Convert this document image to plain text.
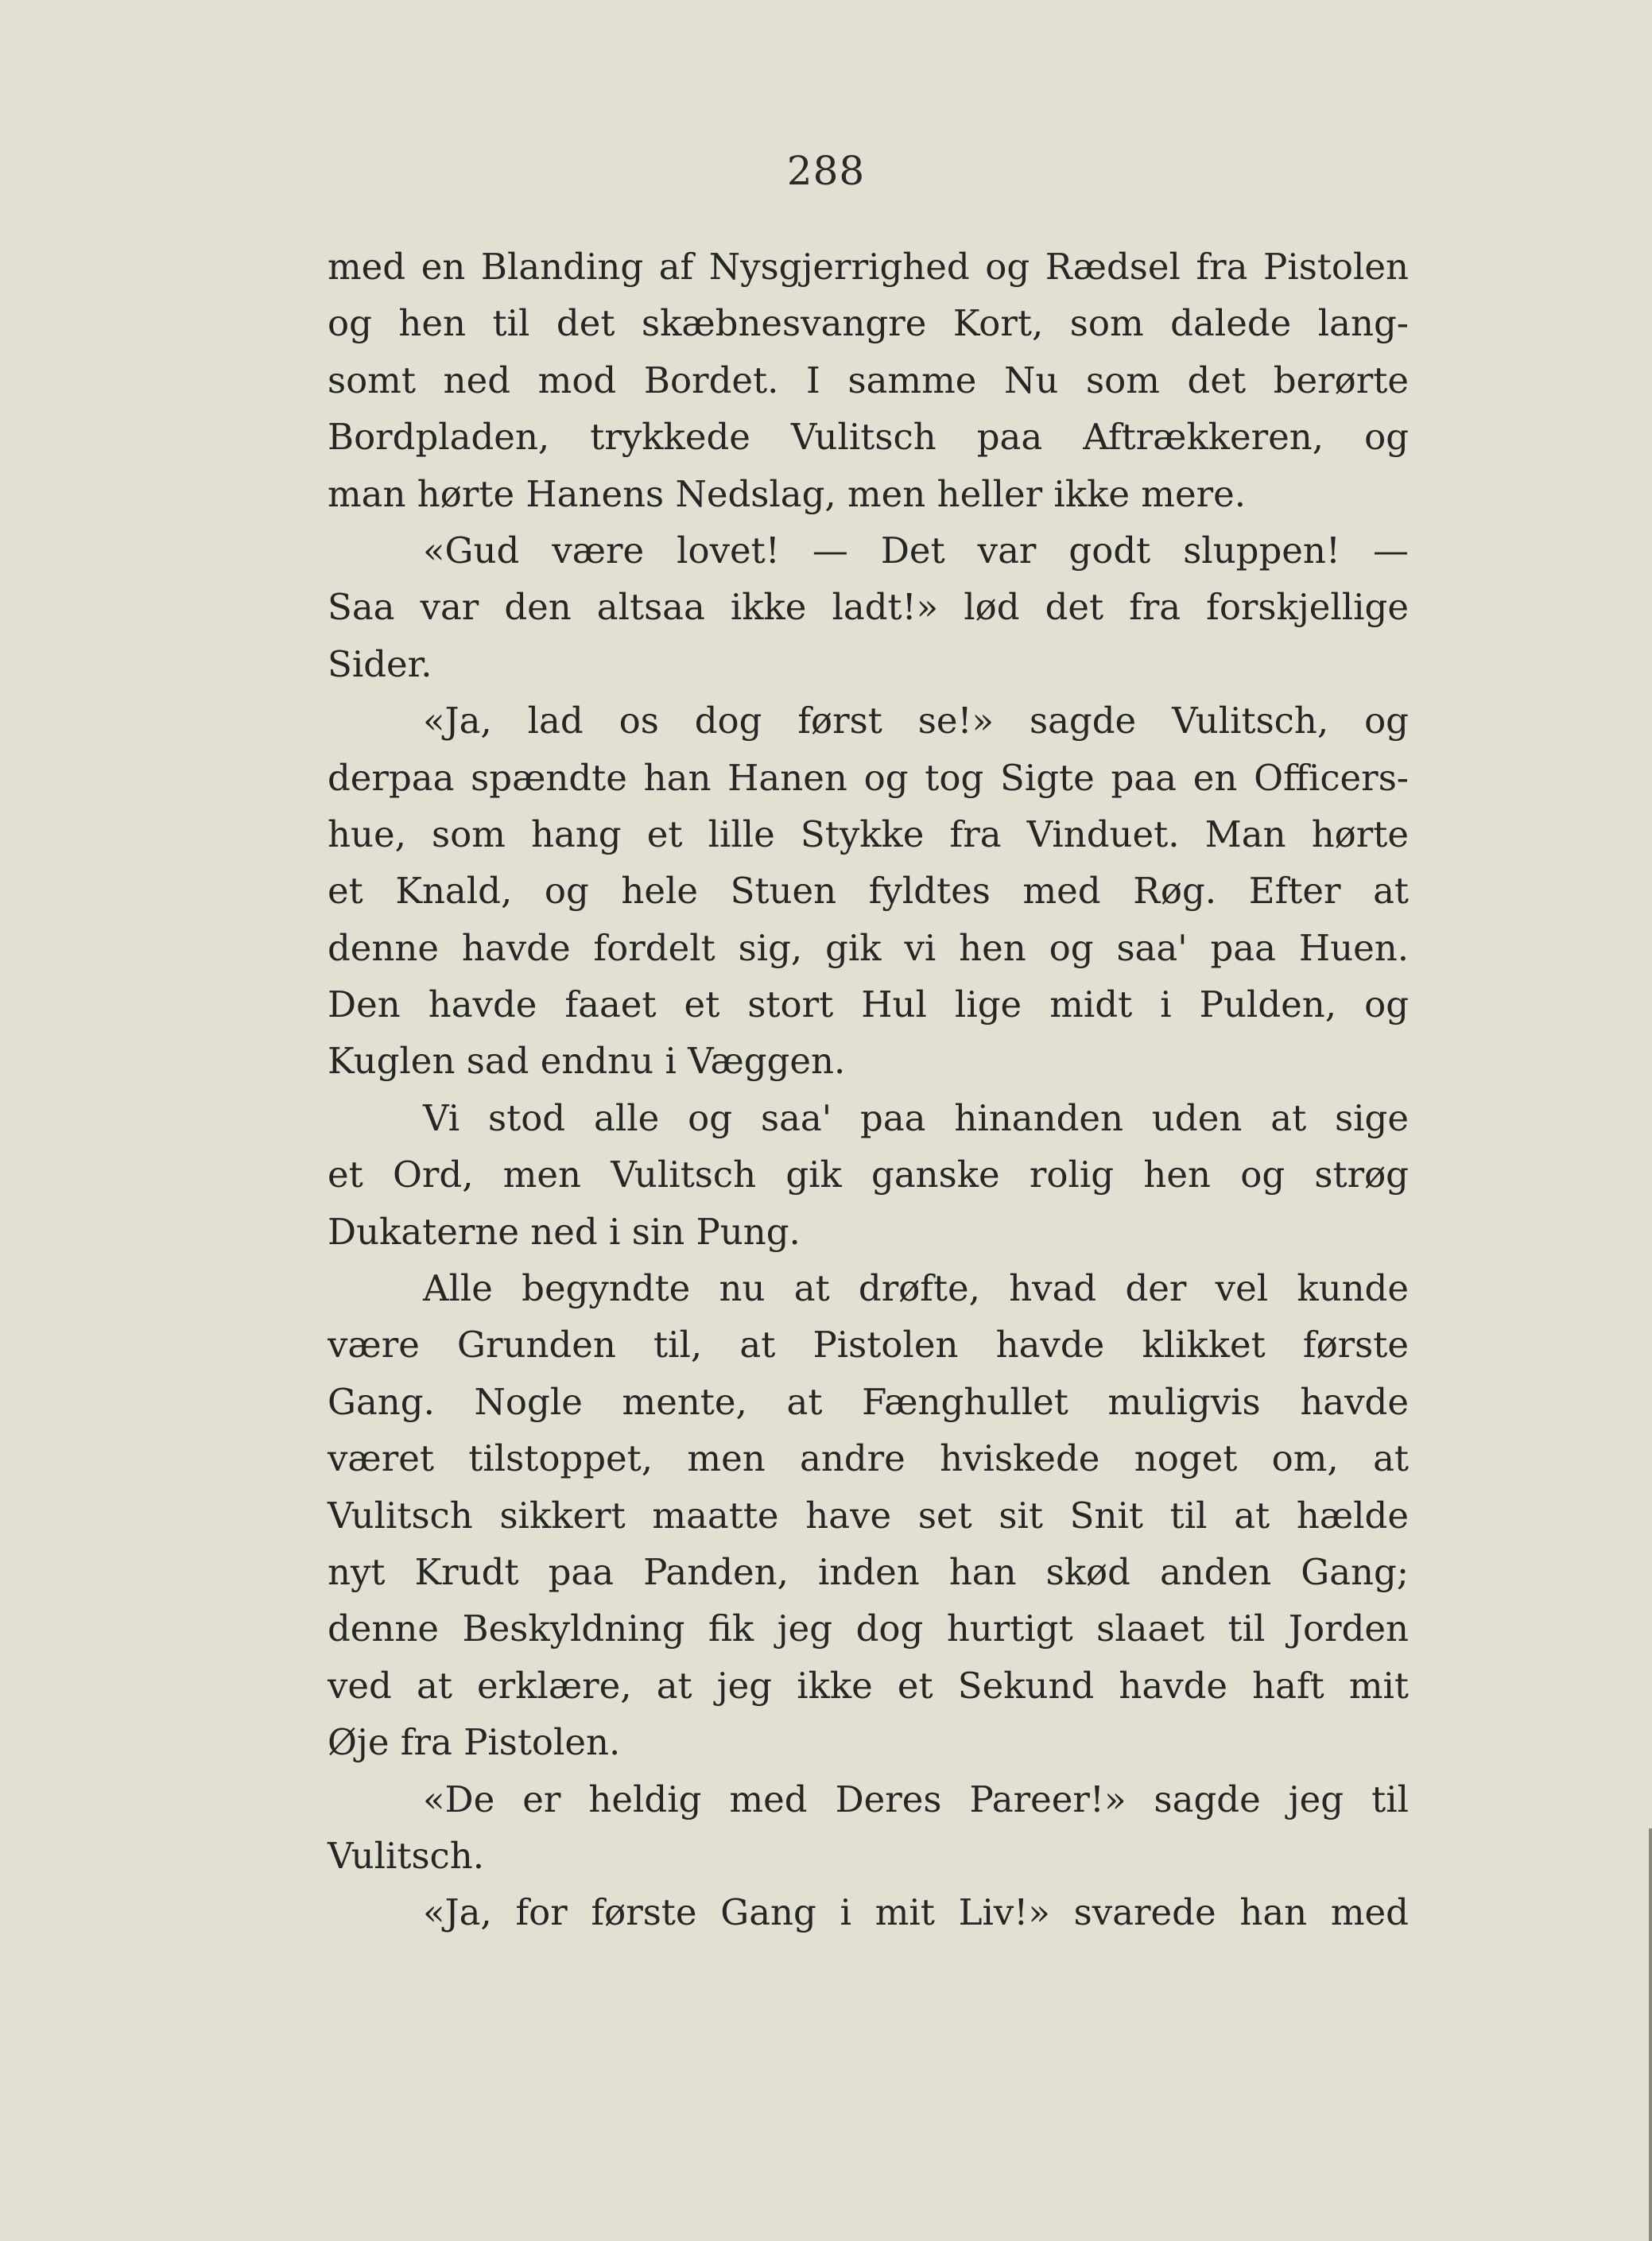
288
med en Blanding af Nysgjerrighed og Rædsel fra Pistolen
og hen til det skæbnesvangre Kort, som dalede lang-
somt ned mod Bordet. I samme Nu som det berørte
Bordpladen, trykkede Vulitsch paa Aftrækkeren, og
man hørte Hanens Nedslag, men heller ikke mere.
«Gud være lovet! — Det var godt sluppen! —
Saa var den altsaa ikke ladt!» lød det fra forskjellige
Sider.
«Ja, lad os dog først se!» sagde Vulitsch, og
derpaa spændte han Hanen og tog Sigte paa en Officers-
hue, som hang et lille Stykke fra Vinduet. Man hørte
et Knald, og hele Stuen fyldtes med Røg. Efter at
denne havde fordelt sig, gik vi hen og saa' paa Huen.
Den havde faaet et stort Hul lige midt i Pulden, og
Kuglen sad endnu i Væggen.
Vi stod alle og saa' paa hinanden uden at sige
et Ord, men Vulitsch gik ganske rolig hen og strøg
Dukaterne ned i sin Pung.
Alle begyndte nu at drøfte, hvad der vel kunde
være Grunden til, at Pistolen havde klikket første
Gang. Nogle mente, at Fænghullet muligvis havde
været tilstoppet, men andre hviskede noget om, at
Vulitsch sikkert maatte have set sit Snit til at hælde
nyt Krudt paa Panden, inden han skød anden Gang;
denne Beskyldning fik jeg dog hurtigt slaaet til Jorden
ved at erklære, at jeg ikke et Sekund havde haft mit
Øje fra Pistolen.
«De er heldig med Deres Pareer!» sagde jeg til
Vulitsch.
«Ja, for første Gang i mit Liv!» svarede han med
